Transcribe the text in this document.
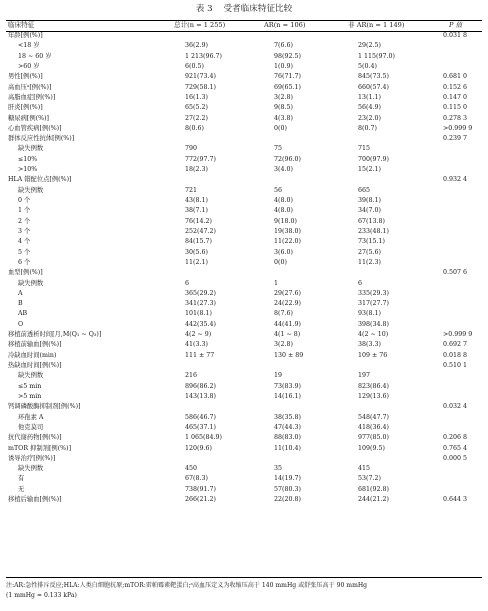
表 3    受者临床特征比较
临床特征	总计(n = 1 255)	AR(n = 106)	非 AR(n = 1 149)	P 值
年龄[例(%)]	0.031 8
<18 岁	36(2.9)	7(6.6)	29(2.5)
18 ~ 60 岁	1 213(96.7)	98(92.5)	1 115(97.0)
>60 岁	6(0.5)	1(0.9)	5(0.4)
男性[例(%)]	921(73.4)	76(71.7)	845(73.5)	0.681 0
高血压ᵃ[例(%)]	729(58.1)	69(65.1)	660(57.4)	0.152 6
高脂血症[例(%)]	16(1.3)	3(2.8)	13(1.1)	0.147 0
肝炎[例(%)]	65(5.2)	9(8.5)	56(4.9)	0.115 0
糖尿病[例(%)]	27(2.2)	4(3.8)	23(2.0)	0.278 3
心血管疾病[例(%)]	8(0.6)	0(0)	8(0.7)	>0.999 9
群体反应性抗体[例(%)]	0.239 7
缺失例数	790	75	715
≤10%	772(97.7)	72(96.0)	700(97.9)
>10%	18(2.3)	3(4.0)	15(2.1)
HLA 错配位点[例(%)]	0.932 4
缺失例数	721	56	665
0 个	43(8.1)	4(8.0)	39(8.1)
1 个	38(7.1)	4(8.0)	34(7.0)
2 个	76(14.2)	9(18.0)	67(13.8)
3 个	252(47.2)	19(38.0)	233(48.1)
4 个	84(15.7)	11(22.0)	73(15.1)
5 个	30(5.6)	3(6.0)	27(5.6)
6 个	11(2.1)	0(0)	11(2.3)
血型[例(%)]	0.507 6
缺失例数	6	1	6
A	365(29.2)	29(27.6)	335(29.3)
B	341(27.3)	24(22.9)	317(27.7)
AB	101(8.1)	8(7.6)	93(8.1)
O	442(35.4)	44(41.9)	398(34.8)
移植前透析时间[月,M(Q₁ ~ Q₃)]	4(2 ~ 9)	4(1 ~ 8)	4(2 ~ 10)	>0.999 9
移植前输血[例(%)]	41(3.3)	3(2.8)	38(3.3)	0.692 7
冷缺血时间(min)	111 ± 77	130 ± 89	109 ± 76	0.018 8
热缺血时间[例(%)]	0.510 1
缺失例数	216	19	197
≤5 min	896(86.2)	73(83.9)	823(86.4)
>5 min	143(13.8)	14(16.1)	129(13.6)
钙调磷酸酶抑制剂[例(%)]	0.032 4
环孢素 A	586(46.7)	38(35.8)	548(47.7)
他克莫司	465(37.1)	47(44.3)	418(36.4)
抗代谢药物[例(%)]	1 065(84.9)	88(83.0)	977(85.0)	0.206 8
mTOR 抑制剂[例(%)]	120(9.6)	11(10.4)	109(9.5)	0.765 4
诱导治疗[例(%)]	0.000 5
缺失例数	450	35	415
有	67(8.3)	14(19.7)	53(7.2)
无	738(91.7)	57(80.3)	681(92.8)
移植后输血[例(%)]	266(21.2)	22(20.8)	244(21.2)	0.644 3
注:AR:急性排斥反应;HLA:人类白细胞抗原;mTOR:雷帕霉素靶蛋白;ᵃ高血压定义为收缩压高于 140 mmHg 或舒张压高于 90 mmHg
(1 mmHg = 0.133 kPa)
